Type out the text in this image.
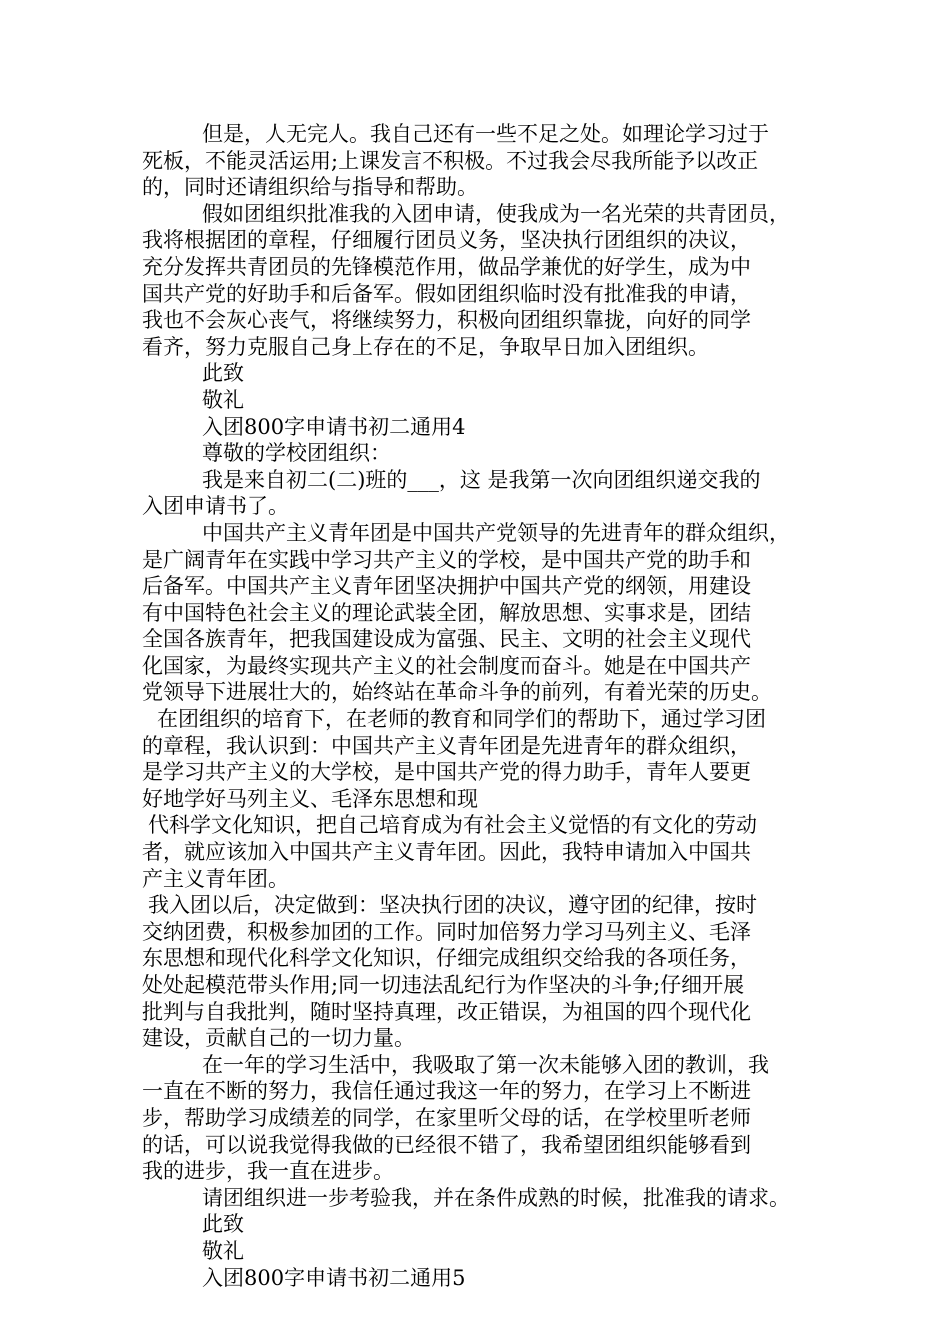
但是，人无完人。我自己还有一些不足之处。如理论学习过于
死板，不能灵活运用;上课发言不积极。不过我会尽我所能予以改正
的，同时还请组织给与指导和帮助。
假如团组织批准我的入团申请，使我成为一名光荣的共青团员，
我将根据团的章程，仔细履行团员义务，坚决执行团组织的决议，
充分发挥共青团员的先锋模范作用，做品学兼优的好学生，成为中
国共产党的好助手和后备军。假如团组织临时没有批准我的申请，
我也不会灰心丧气，将继续努力，积极向团组织靠拢，向好的同学
看齐，努力克服自己身上存在的不足，争取早日加入团组织。
此致
敬礼
入团800字申请书初二通用4
尊敬的学校团组织：
我是来自初二(二)班的___，这 是我第一次向团组织递交我的
入团申请书了。
中国共产主义青年团是中国共产党领导的先进青年的群众组织，
是广阔青年在实践中学习共产主义的学校，是中国共产党的助手和
后备军。中国共产主义青年团坚决拥护中国共产党的纲领，用建设
有中国特色社会主义的理论武装全团，解放思想、实事求是，团结
全国各族青年，把我国建设成为富强、民主、文明的社会主义现代
化国家，为最终实现共产主义的社会制度而奋斗。她是在中国共产
党领导下进展壮大的，始终站在革命斗争的前列，有着光荣的历史。
在团组织的培育下，在老师的教育和同学们的帮助下，通过学习团
的章程，我认识到：中国共产主义青年团是先进青年的群众组织，
是学习共产主义的大学校，是中国共产党的得力助手，青年人要更
好地学好马列主义、毛泽东思想和现
代科学文化知识，把自己培育成为有社会主义觉悟的有文化的劳动
者，就应该加入中国共产主义青年团。因此，我特申请加入中国共
产主义青年团。
我入团以后，决定做到：坚决执行团的决议，遵守团的纪律，按时
交纳团费，积极参加团的工作。同时加倍努力学习马列主义、毛泽
东思想和现代化科学文化知识，仔细完成组织交给我的各项任务，
处处起模范带头作用;同一切违法乱纪行为作坚决的斗争;仔细开展
批判与自我批判，随时坚持真理，改正错误，为祖国的四个现代化
建设，贡献自己的一切力量。
在一年的学习生活中，我吸取了第一次未能够入团的教训，我
一直在不断的努力，我信任通过我这一年的努力，在学习上不断进
步，帮助学习成绩差的同学，在家里听父母的话，在学校里听老师
的话，可以说我觉得我做的已经很不错了，我希望团组织能够看到
我的进步，我一直在进步。
请团组织进一步考验我，并在条件成熟的时候，批准我的请求。
此致
敬礼
入团800字申请书初二通用5
